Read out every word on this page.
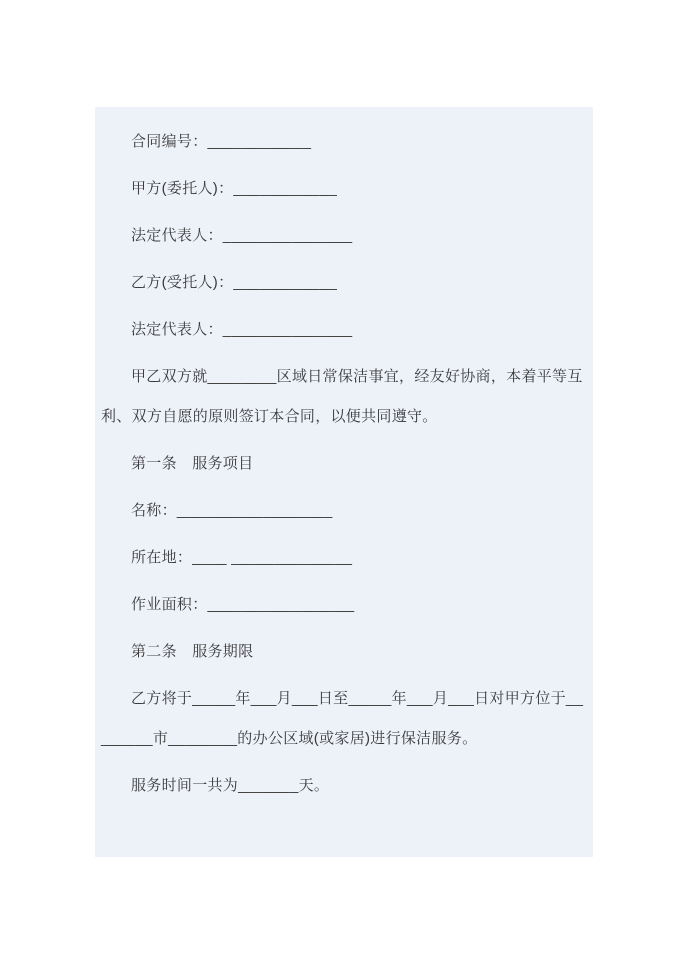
合同编号：____________

甲方(委托人)：____________

法定代表人：_______________

乙方(受托人)：____________

法定代表人：_______________

甲乙双方就________区域日常保洁事宜，经友好协商，本着平等互利、双方自愿的原则签订本合同，以便共同遵守。

第一条　服务项目

名称：__________________

所在地：____ ______________

作业面积：_________________

第二条　服务期限

乙方将于_____年___月___日至_____年___月___日对甲方位于________市________的办公区域(或家居)进行保洁服务。

服务时间一共为_______天。
